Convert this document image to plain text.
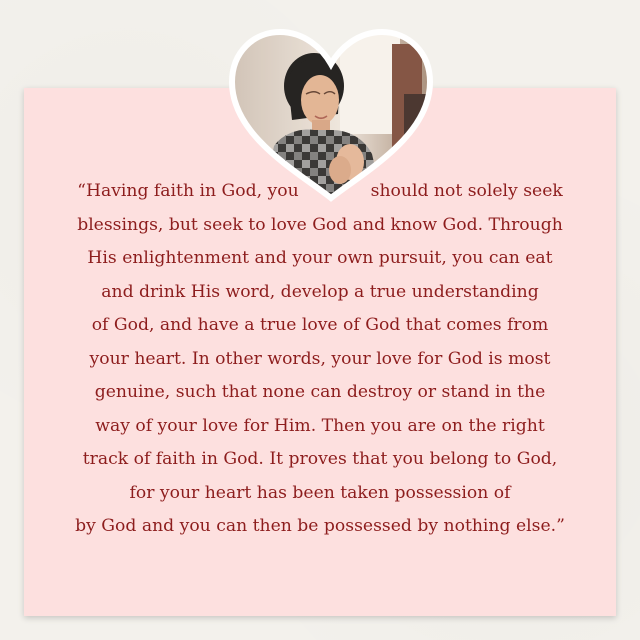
“Having faith in God, you	should not solely seek
blessings, but seek to love God and know God. Through
His enlightenment and your own pursuit, you can eat
and drink His word, develop a true understanding
of God, and have a true love of God that comes from
your heart. In other words, your love for God is most
genuine, such that none can destroy or stand in the
way of your love for Him. Then you are on the right
track of faith in God. It proves that you belong to God,
for your heart has been taken possession of
by God and you can then be possessed by nothing else.”
